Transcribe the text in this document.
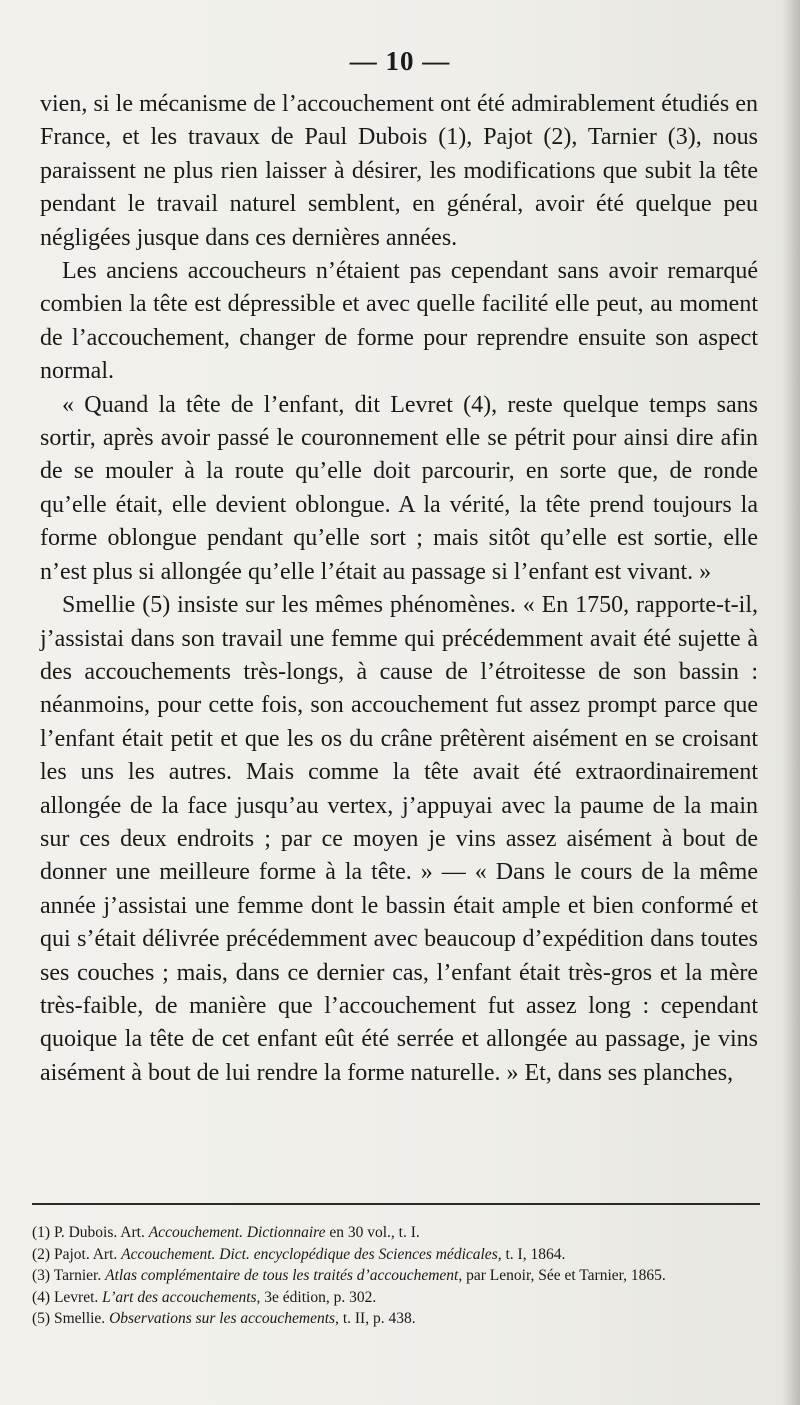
— 10 —

vien, si le mécanisme de l’accouchement ont été admirablement étudiés en France, et les travaux de Paul Dubois (1), Pajot (2), Tarnier (3), nous paraissent ne plus rien laisser à désirer, les modifications que subit la tête pendant le travail naturel semblent, en général, avoir été quelque peu négligées jusque dans ces dernières années.

Les anciens accoucheurs n’étaient pas cependant sans avoir remarqué combien la tête est dépressible et avec quelle facilité elle peut, au moment de l’accouchement, changer de forme pour reprendre ensuite son aspect normal.

« Quand la tête de l’enfant, dit Levret (4), reste quelque temps sans sortir, après avoir passé le couronnement elle se pétrit pour ainsi dire afin de se mouler à la route qu’elle doit parcourir, en sorte que, de ronde qu’elle était, elle devient oblongue. A la vérité, la tête prend toujours la forme oblongue pendant qu’elle sort ; mais sitôt qu’elle est sortie, elle n’est plus si allongée qu’elle l’était au passage si l’enfant est vivant. »

Smellie (5) insiste sur les mêmes phénomènes. « En 1750, rapporte-t-il, j’assistai dans son travail une femme qui précédemment avait été sujette à des accouchements très-longs, à cause de l’étroitesse de son bassin : néanmoins, pour cette fois, son accouchement fut assez prompt parce que l’enfant était petit et que les os du crâne prêtèrent aisément en se croisant les uns les autres. Mais comme la tête avait été extraordinairement allongée de la face jusqu’au vertex, j’appuyai avec la paume de la main sur ces deux endroits ; par ce moyen je vins assez aisément à bout de donner une meilleure forme à la tête. » — « Dans le cours de la même année j’assistai une femme dont le bassin était ample et bien conformé et qui s’était délivrée précédemment avec beaucoup d’expédition dans toutes ses couches ; mais, dans ce dernier cas, l’enfant était très-gros et la mère très-faible, de manière que l’accouchement fut assez long : cependant quoique la tête de cet enfant eût été serrée et allongée au passage, je vins aisément à bout de lui rendre la forme naturelle. » Et, dans ses planches,

(1) P. Dubois. Art. Accouchement. Dictionnaire en 30 vol., t. I.

(2) Pajot. Art. Accouchement. Dict. encyclopédique des Sciences médicales, t. I, 1864.

(3) Tarnier. Atlas complémentaire de tous les traités d’accouchement, par Lenoir, Sée et Tarnier, 1865.

(4) Levret. L’art des accouchements, 3e édition, p. 302.

(5) Smellie. Observations sur les accouchements, t. II, p. 438.
